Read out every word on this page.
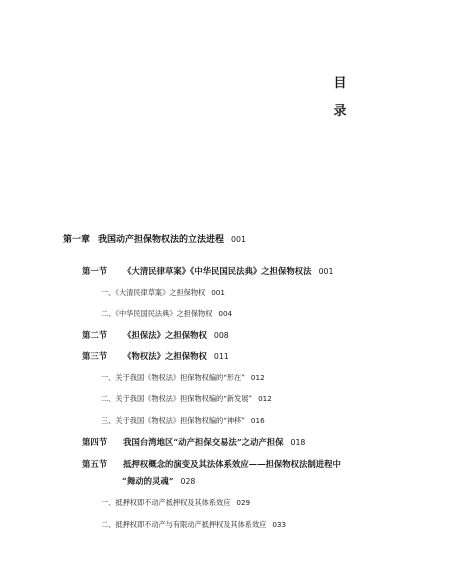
目
录
第一章 我国动产担保物权法的立法进程 001
第一节 《大清民律草案》《中华民国民法典》之担保物权法 001
一、《大清民律草案》之担保物权 001
二、《中华民国民法典》之担保物权 004
第二节 《担保法》之担保物权 008
第三节 《物权法》之担保物权 011
一、关于我国《物权法》担保物权编的“形在” 012
二、关于我国《物权法》担保物权编的“新发展” 012
三、关于我国《物权法》担保物权编的“神移” 016
第四节 我国台湾地区“动产担保交易法”之动产担保 018
第五节 抵押权概念的演变及其法体系效应——担保物权法制进程中
“舞动的灵魂” 028
一、抵押权即不动产抵押权及其体系效应 029
二、抵押权即不动产与有限动产抵押权及其体系效应 033
